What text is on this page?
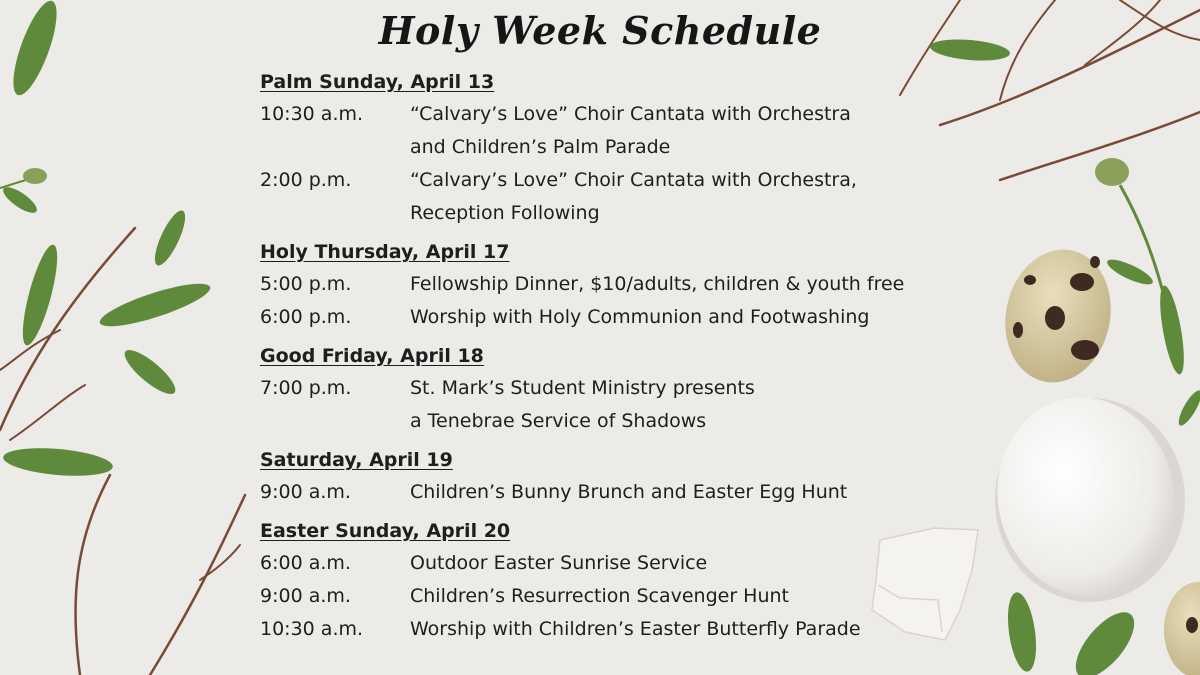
Holy Week Schedule
Palm Sunday, April 13
10:30 a.m.	“Calvary’s Love” Choir Cantata with Orchestra
and Children’s Palm Parade
2:00 p.m.	“Calvary’s Love” Choir Cantata with Orchestra,
Reception Following
Holy Thursday, April 17
5:00 p.m.	Fellowship Dinner, $10/adults, children & youth free
6:00 p.m.	Worship with Holy Communion and Footwashing
Good Friday, April 18
7:00 p.m.	St. Mark’s Student Ministry presents
a Tenebrae Service of Shadows
Saturday, April 19
9:00 a.m.	Children’s Bunny Brunch and Easter Egg Hunt
Easter Sunday, April 20
6:00 a.m.	Outdoor Easter Sunrise Service
9:00 a.m.	Children’s Resurrection Scavenger Hunt
10:30 a.m.	Worship with Children’s Easter Butterfly Parade
